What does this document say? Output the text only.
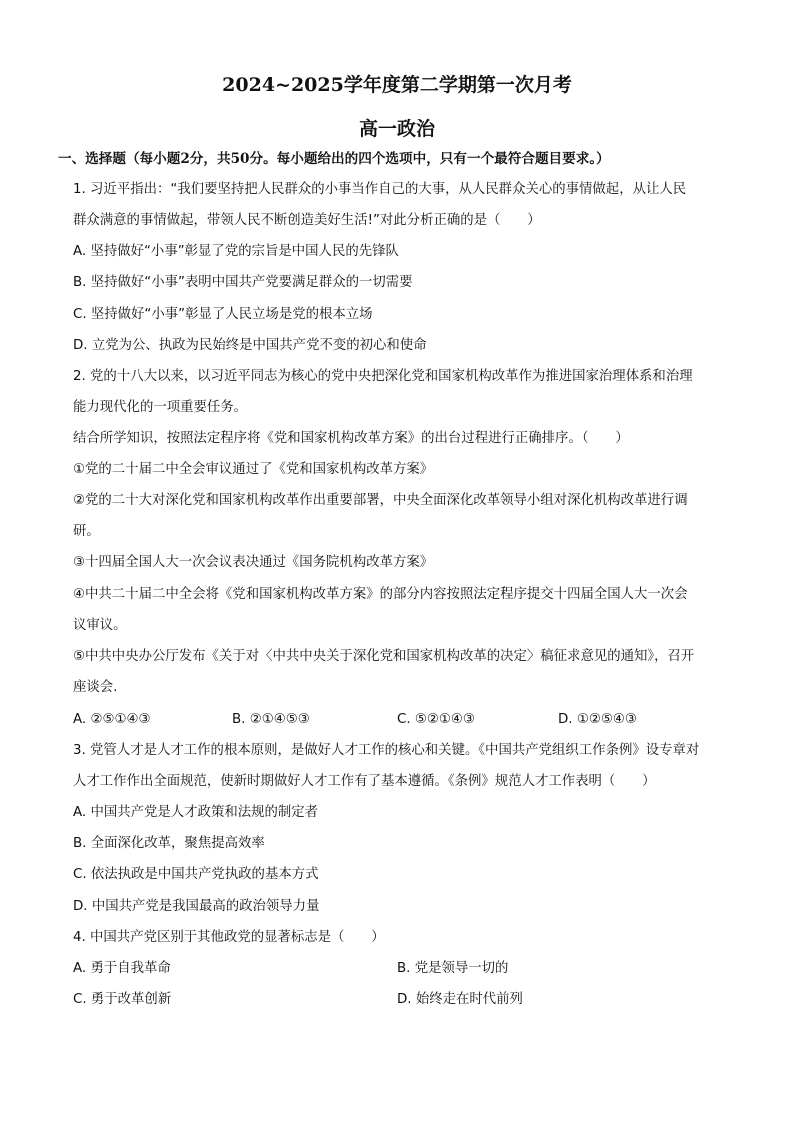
2024~2025学年度第二学期第一次月考
高一政治
一、选择题（每小题2分，共50分。每小题给出的四个选项中，只有一个最符合题目要求。）
1. 习近平指出：“我们要坚持把人民群众的小事当作自己的大事，从人民群众关心的事情做起，从让人民
群众满意的事情做起，带领人民不断创造美好生活!”对此分析正确的是（　　）
A. 坚持做好“小事”彰显了党的宗旨是中国人民的先锋队
B. 坚持做好“小事”表明中国共产党要满足群众的一切需要
C. 坚持做好“小事”彰显了人民立场是党的根本立场
D. 立党为公、执政为民始终是中国共产党不变的初心和使命
2. 党的十八大以来，以习近平同志为核心的党中央把深化党和国家机构改革作为推进国家治理体系和治理
能力现代化的一项重要任务。
结合所学知识，按照法定程序将《党和国家机构改革方案》的出台过程进行正确排序。（　　）
①党的二十届二中全会审议通过了《党和国家机构改革方案》
②党的二十大对深化党和国家机构改革作出重要部署，中央全面深化改革领导小组对深化机构改革进行调
研。
③十四届全国人大一次会议表决通过《国务院机构改革方案》
④中共二十届二中全会将《党和国家机构改革方案》的部分内容按照法定程序提交十四届全国人大一次会
议审议。
⑤中共中央办公厅发布《关于对〈中共中央关于深化党和国家机构改革的决定〉稿征求意见的通知》，召开
座谈会.
A. ②⑤①④③	B. ②①④⑤③	C. ⑤②①④③	D. ①②⑤④③
3. 党管人才是人才工作的根本原则，是做好人才工作的核心和关键。《中国共产党组织工作条例》设专章对
人才工作作出全面规范，使新时期做好人才工作有了基本遵循。《条例》规范人才工作表明（　　）
A. 中国共产党是人才政策和法规的制定者
B. 全面深化改革，聚焦提高效率
C. 依法执政是中国共产党执政的基本方式
D. 中国共产党是我国最高的政治领导力量
4. 中国共产党区别于其他政党的显著标志是（　　）
A. 勇于自我革命	B. 党是领导一切的
C. 勇于改革创新	D. 始终走在时代前列
